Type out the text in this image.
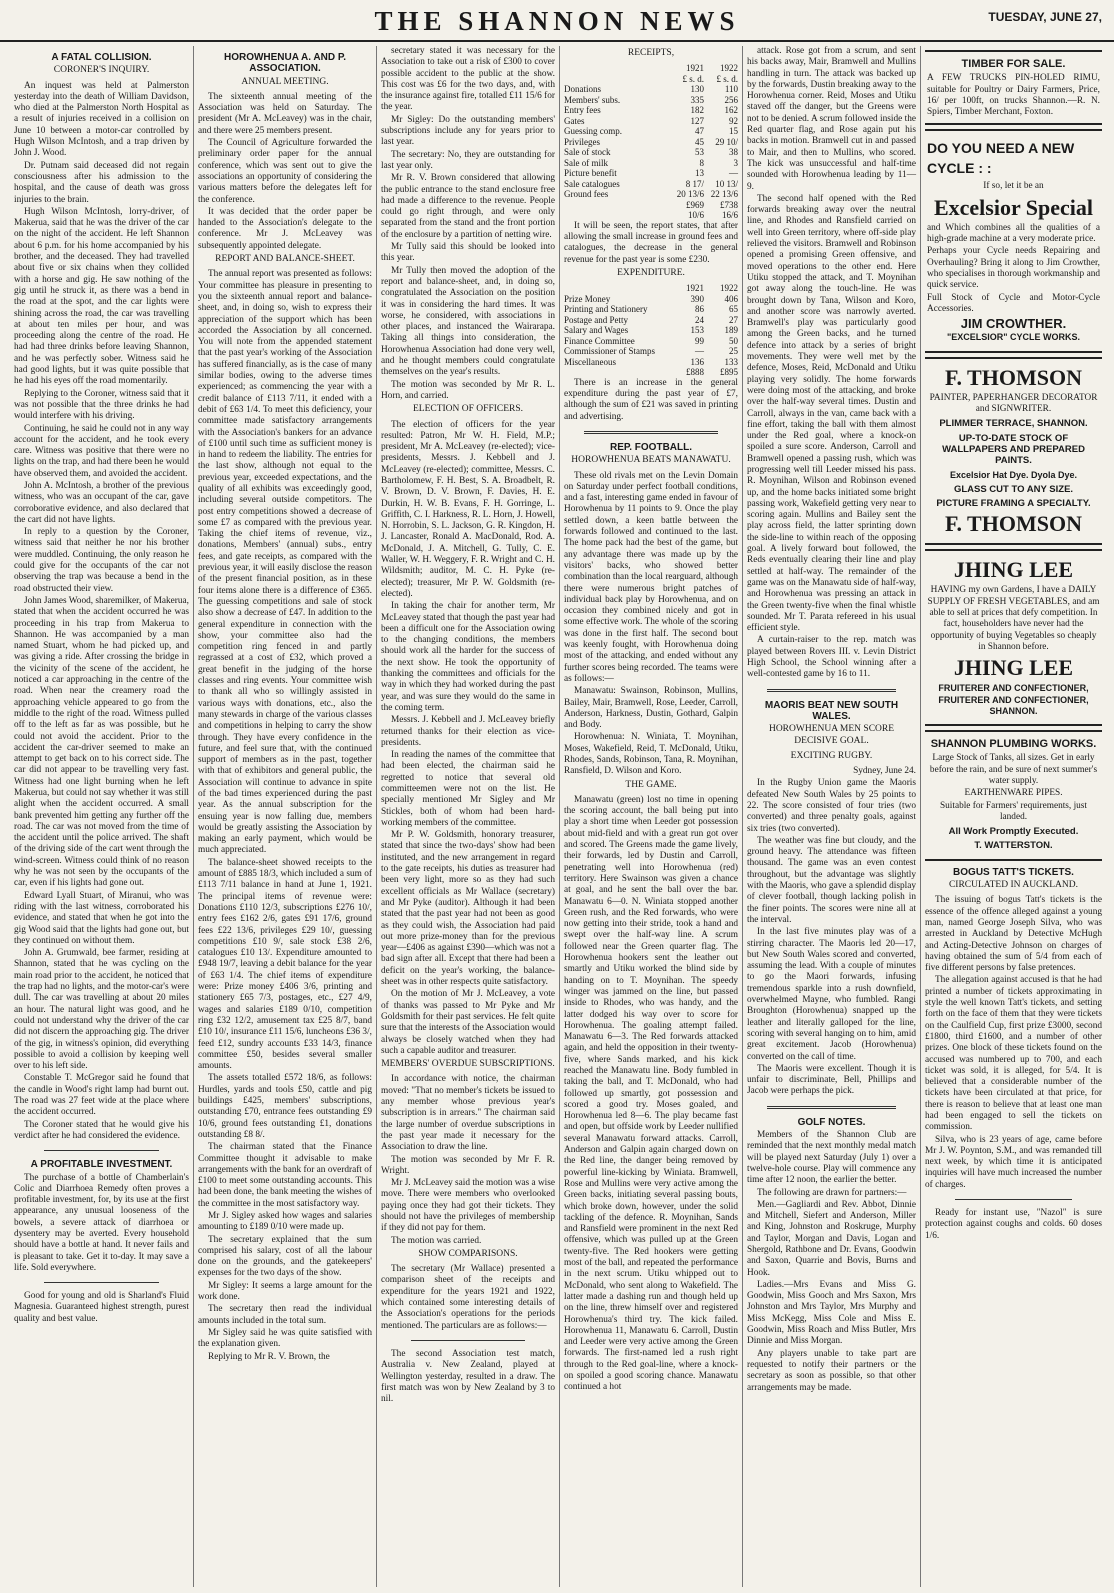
THE SHANNON NEWS	TUESDAY, JUNE 27,
A FATAL COLLISION.
CORONER'S INQUIRY.

An inquest was held at Palmerston yesterday into the death of William Davidson, who died at the Palmerston North Hospital as a result of injuries received in a collision on June 10 between a motor-car controlled by Hugh Wilson McIntosh, and a trap driven by John J. Wood.

Dr. Putnam said deceased did not regain consciousness after his admission to the hospital, and the cause of death was gross injuries to the brain.

Hugh Wilson McIntosh, lorry-driver, of Makerua, said that he was the driver of the car on the night of the accident. He left Shannon about 6 p.m. for his home accompanied by his brother, and the deceased. They had travelled about five or six chains when they collided with a horse and gig. He saw nothing of the gig until he struck it, as there was a bend in the road at the spot, and the car lights were shining across the road, the car was travelling at about ten miles per hour, and was proceeding along the centre of the road. He had had three drinks before leaving Shannon, and he was perfectly sober. Witness said he had good lights, but it was quite possible that he had his eyes off the road momentarily.

Replying to the Coroner, witness said that it was not possible that the three drinks he had would interfere with his driving.

Continuing, he said he could not in any way account for the accident, and he took every care. Witness was positive that there were no lights on the trap, and had there been he would have observed them, and avoided the accident.

John A. McIntosh, a brother of the previous witness, who was an occupant of the car, gave corroborative evidence, and also declared that the cart did not have lights.

In reply to a question by the Coroner, witness said that neither he nor his brother were muddled. Continuing, the only reason he could give for the occupants of the car not observing the trap was because a bend in the road obstructed their view.

John James Wood, sharemilker, of Makerua, stated that when the accident occurred he was proceeding in his trap from Makerua to Shannon. He was accompanied by a man named Stuart, whom he had picked up, and was giving a ride. After crossing the bridge in the vicinity of the scene of the accident, he noticed a car approaching in the centre of the road. When near the creamery road the approaching vehicle appeared to go from the middle to the right of the road. Witness pulled off to the left as far as was possible, but he could not avoid the accident. Prior to the accident the car-driver seemed to make an attempt to get back on to his correct side. The car did not appear to be travelling very fast. Witness had one light burning when he left Makerua, but could not say whether it was still alight when the accident occurred. A small bank prevented him getting any further off the road. The car was not moved from the time of the accident until the police arrived. The shaft of the driving side of the cart went through the wind-screen. Witness could think of no reason why he was not seen by the occupants of the car, even if his lights had gone out.

Edward Lyall Stuart, of Miranui, who was riding with the last witness, corroborated his evidence, and stated that when he got into the gig Wood said that the lights had gone out, but they continued on without them.

John A. Grumwald, bee farmer, residing at Shannon, stated that he was cycling on the main road prior to the accident, he noticed that the trap had no lights, and the motor-car's were dull. The car was travelling at about 20 miles an hour. The natural light was good, and he could not understand why the driver of the car did not discern the approaching gig. The driver of the gig, in witness's opinion, did everything possible to avoid a collision by keeping well over to his left side.

Constable T. McGregor said he found that the candle in Wood's right lamp had burnt out. The road was 27 feet wide at the place where the accident occurred.

The Coroner stated that he would give his verdict after he had considered the evidence.

A PROFITABLE INVESTMENT.

The purchase of a bottle of Chamberlain's Colic and Diarrhoea Remedy often proves a profitable investment, for, by its use at the first appearance, any unusual looseness of the bowels, a severe attack of diarrhoea or dysentery may be averted. Every household should have a bottle at hand. It never fails and is pleasant to take. Get it to-day. It may save a life. Sold everywhere.

Good for young and old is Sharland's Fluid Magnesia. Guaranteed highest strength, purest quality and best value.

HOROWHENUA A. AND P. ASSOCIATION.
ANNUAL MEETING.

The sixteenth annual meeting of the Association was held on Saturday. The president (Mr A. McLeavey) was in the chair, and there were 25 members present.

The Council of Agriculture forwarded the preliminary order paper for the annual conference, which was sent out to give the associations an opportunity of considering the various matters before the delegates left for the conference.

It was decided that the order paper be handed to the Association's delegate to the conference. Mr J. McLeavey was subsequently appointed delegate.

REPORT AND BALANCE-SHEET.

The annual report was presented as follows: Your committee has pleasure in presenting to you the sixteenth annual report and balance-sheet, and, in doing so, wish to express their appreciation of the support which has been accorded the Association by all concerned. You will note from the appended statement that the past year's working of the Association has suffered financially, as is the case of many similar bodies, owing to the adverse times experienced; as commencing the year with a credit balance of £113 7/11, it ended with a debit of £63 1/4. To meet this deficiency, your committee made satisfactory arrangements with the Association's bankers for an advance of £100 until such time as sufficient money is in hand to redeem the liability. The entries for the last show, although not equal to the previous year, exceeded expectations, and the quality of all exhibits was exceedingly good, including several outside competitors. The post entry competitions showed a decrease of some £7 as compared with the previous year. Taking the chief items of revenue, viz., donations, Members' (annual) subs., entry fees, and gate receipts, as compared with the previous year, it will easily disclose the reason of the present financial position, as in these four items alone there is a difference of £365. The guessing competitions and sale of stock also show a decrease of £47. In addition to the general expenditure in connection with the show, your committee also had the competition ring fenced in and partly regrassed at a cost of £32, which proved a great benefit in the judging of the horse classes and ring events. Your committee wish to thank all who so willingly assisted in various ways with donations, etc., also the many stewards in charge of the various classes and competitions in helping to carry the show through. They have every confidence in the future, and feel sure that, with the continued support of members as in the past, together with that of exhibitors and general public, the Association will continue to advance in spite of the bad times experienced during the past year. As the annual subscription for the ensuing year is now falling due, members would be greatly assisting the Association by making an early payment, which would be much appreciated.

The balance-sheet showed receipts to the amount of £885 18/3, which included a sum of £113 7/11 balance in hand at June 1, 1921. The principal items of revenue were: Donations £110 12/3, subscriptions £276 10/, entry fees £162 2/6, gates £91 17/6, ground fees £22 13/6, privileges £29 10/, guessing competitions £10 9/, sale stock £38 2/6, catalogues £10 13/. Expenditure amounted to £948 19/7, leaving a debit balance for the year of £63 1/4. The chief items of expenditure were: Prize money £406 3/6, printing and stationery £65 7/3, postages, etc., £27 4/9, wages and salaries £189 0/10, competition ring £32 12/2, amusement tax £25 8/7, band £10 10/, insurance £11 15/6, luncheons £36 3/, feed £12, sundry accounts £33 14/3, finance committee £50, besides several smaller amounts.

The assets totalled £572 18/6, as follows: Hurdles, yards and tools £50, cattle and pig buildings £425, members' subscriptions, outstanding £70, entrance fees outstanding £9 10/6, ground fees outstanding £1, donations outstanding £8 8/.

The chairman stated that the Finance Committee thought it advisable to make arrangements with the bank for an overdraft of £100 to meet some outstanding accounts. This had been done, the bank meeting the wishes of the committee in the most satisfactory way.

Mr J. Sigley asked how wages and salaries amounting to £189 0/10 were made up.

The secretary explained that the sum comprised his salary, cost of all the labour done on the grounds, and the gatekeepers' expenses for the two days of the show.

Mr Sigley: It seems a large amount for the work done.

The secretary then read the individual amounts included in the total sum.

Mr Sigley said he was quite satisfied with the explanation given.

Replying to Mr R. V. Brown, the

secretary stated it was necessary for the Association to take out a risk of £300 to cover possible accident to the public at the show. This cost was £6 for the two days, and, with the insurance against fire, totalled £11 15/6 for the year.

Mr Sigley: Do the outstanding members' subscriptions include any for years prior to last year.

The secretary: No, they are outstanding for last year only.

Mr R. V. Brown considered that allowing the public entrance to the stand enclosure free had made a difference to the revenue. People could go right through, and were only separated from the stand and the front portion of the enclosure by a partition of netting wire.

Mr Tully said this should be looked into this year.

Mr Tully then moved the adoption of the report and balance-sheet, and, in doing so, congratulated the Association on the position it was in considering the hard times. It was worse, he considered, with associations in other places, and instanced the Wairarapa. Taking all things into consideration, the Horowhenua Association had done very well, and he thought members could congratulate themselves on the year's results.

The motion was seconded by Mr R. L. Horn, and carried.

ELECTION OF OFFICERS.

The election of officers for the year resulted: Patron, Mr W. H. Field, M.P.; president, Mr A. McLeavey (re-elected); vice-presidents, Messrs. J. Kebbell and J. McLeavey (re-elected); committee, Messrs. C. Bartholomew, F. H. Best, S. A. Broadbelt, R. V. Brown, D. V. Brown, F. Davies, H. E. Durkin, H. W. B. Evans, F. H. Gorringe, L. Griffith, C. I. Harkness, R. L. Horn, J. Howell, N. Horrobin, S. L. Jackson, G. R. Kingdon, H. J. Lancaster, Ronald A. MacDonald, Rod. A. McDonald, J. A. Mitchell, G. Tully, C. E. Waller, W. H. Weggery, F. R. Wright and C. H. Wildsmith; auditor, M. C. H. Pyke (re-elected); treasurer, Mr P. W. Goldsmith (re-elected).

In taking the chair for another term, Mr McLeavey stated that though the past year had been a difficult one for the Association owing to the changing conditions, the members should work all the harder for the success of the next show. He took the opportunity of thanking the committees and officials for the way in which they had worked during the past year, and was sure they would do the same in the coming term.

Messrs. J. Kebbell and J. McLeavey briefly returned thanks for their election as vice-presidents.

In reading the names of the committee that had been elected, the chairman said he regretted to notice that several old committeemen were not on the list. He specially mentioned Mr Sigley and Mr Stickles, both of whom had been hard-working members of the committee.

Mr P. W. Goldsmith, honorary treasurer, stated that since the two-days' show had been instituted, and the new arrangement in regard to the gate receipts, his duties as treasurer had been very light, more so as they had such excellent officials as Mr Wallace (secretary) and Mr Pyke (auditor). Although it had been stated that the past year had not been as good as they could wish, the Association had paid out more prize-money than for the previous year—£406 as against £390—which was not a bad sign after all. Except that there had been a deficit on the year's working, the balance-sheet was in other respects quite satisfactory.

On the motion of Mr J. McLeavey, a vote of thanks was passed to Mr Pyke and Mr Goldsmith for their past services. He felt quite sure that the interests of the Association would always be closely watched when they had such a capable auditor and treasurer.

MEMBERS' OVERDUE SUBSCRIPTIONS.

In accordance with notice, the chairman moved: "That no member's tickets be issued to any member whose previous year's subscription is in arrears." The chairman said the large number of overdue subscriptions in the past year made it necessary for the Association to draw the line.

The motion was seconded by Mr F. R. Wright.

Mr J. McLeavey said the motion was a wise move. There were members who overlooked paying once they had got their tickets. They should not have the privileges of membership if they did not pay for them.

The motion was carried.

SHOW COMPARISONS.

The secretary (Mr Wallace) presented a comparison sheet of the receipts and expenditure for the years 1921 and 1922, which contained some interesting details of the Association's operations for the periods mentioned. The particulars are as follows:—

The second Association test match, Australia v. New Zealand, played at Wellington yesterday, resulted in a draw. The first match was won by New Zealand by 3 to nil.

RECEIPTS,
	1921	1922
	£ s. d.	£ s. d.
Donations	130	110
Members' subs.	335	256
Entry fees	182	162
Gates	127	92
Guessing comp.	47	15
Privileges	45	29 10/
Sale of stock	53	38
Sale of milk	8	3
Picture benefit	13	—
Sale catalogues	8 17/	10 13/
Ground fees	20 13/6	22 13/6
	£969 10/6	£738 16/6

It will be seen, the report states, that after allowing the small increase in ground fees and catalogues, the decrease in the general revenue for the past year is some £230.

EXPENDITURE.
	1921	1922
Prize Money	390	406
Printing and Stationery	86	65
Postage and Petty	24	27
Salary and Wages	153	189
Finance Committee	99	50
Commissioner of Stamps	—	25
Miscellaneous	136	133
	£888	£895

There is an increase in the general expenditure during the past year of £7, although the sum of £21 was saved in printing and advertising.

REP. FOOTBALL.
HOROWHENUA BEATS MANAWATU.

These old rivals met on the Levin Domain on Saturday under perfect football conditions, and a fast, interesting game ended in favour of Horowhenua by 11 points to 9. Once the play settled down, a keen battle between the forwards followed and continued to the last. The home pack had the best of the game, but any advantage there was made up by the visitors' backs, who showed better combination than the local rearguard, although there were numerous bright patches of individual back play by Horowhenua, and on occasion they combined nicely and got in some effective work. The whole of the scoring was done in the first half. The second bout was keenly fought, with Horowhenua doing most of the attacking, and ended without any further scores being recorded. The teams were as follows:—

Manawatu: Swainson, Robinson, Mullins, Bailey, Mair, Bramwell, Rose, Leeder, Carroll, Anderson, Harkness, Dustin, Gothard, Galpin and Body.

Horowhenua: N. Winiata, T. Moynihan, Moses, Wakefield, Reid, T. McDonald, Utiku, Rhodes, Sands, Robinson, Tana, R. Moynihan, Ransfield, D. Wilson and Koro.

THE GAME.

Manawatu (green) lost no time in opening the scoring account, the ball being put into play a short time when Leeder got possession about mid-field and with a great run got over and scored. The Greens made the game lively, their forwards, led by Dustin and Carroll, penetrating well into Horowhenua (red) territory. Here Swainson was given a chance at goal, and he sent the ball over the bar. Manawatu 6—0. N. Winiata stopped another Green rush, and the Red forwards, who were now getting into their stride, took a hand and swept over the half-way line. A scrum followed near the Green quarter flag. The Horowhenua hookers sent the leather out smartly and Utiku worked the blind side by handing on to T. Moynihan. The speedy winger was jammed on the line, but passed inside to Rhodes, who was handy, and the latter dodged his way over to score for Horowhenua. The goaling attempt failed. Manawatu 6—3. The Red forwards attacked again, and held the opposition in their twenty-five, where Sands marked, and his kick reached the Manawatu line. Body fumbled in taking the ball, and T. McDonald, who had followed up smartly, got possession and scored a good try. Moses goaled, and Horowhenua led 8—6. The play became fast and open, but offside work by Leeder nullified several Manawatu forward attacks. Carroll, Anderson and Galpin again charged down on the Red line, the danger being removed by powerful line-kicking by Winiata. Bramwell, Rose and Mullins were very active among the Green backs, initiating several passing bouts, which broke down, however, under the solid tackling of the defence. R. Moynihan, Sands and Ransfield were prominent in the next Red offensive, which was pulled up at the Green twenty-five. The Red hookers were getting most of the ball, and repeated the performance in the next scrum. Utiku whipped out to McDonald, who sent along to Wakefield. The latter made a dashing run and though held up on the line, threw himself over and registered Horowhenua's third try. The kick failed. Horowhenua 11, Manawatu 6. Carroll, Dustin and Leeder were very active among the Green forwards. The first-named led a rush right through to the Red goal-line, where a knock-on spoiled a good scoring chance. Manawatu continued a hot

attack. Rose got from a scrum, and sent his backs away, Mair, Bramwell and Mullins handling in turn. The attack was backed up by the forwards, Dustin breaking away to the Horowhenua corner. Reid, Moses and Utiku staved off the danger, but the Greens were not to be denied. A scrum followed inside the Red quarter flag, and Rose again put his backs in motion. Bramwell cut in and passed to Mair, and then to Mullins, who scored. The kick was unsuccessful and half-time sounded with Horowhenua leading by 11—9.

The second half opened with the Red forwards breaking away over the neutral line, and Rhodes and Ransfield carried on well into Green territory, where off-side play relieved the visitors. Bramwell and Robinson opened a promising Green offensive, and moved operations to the other end. Here Utiku stopped the attack, and T. Moynihan got away along the touch-line. He was brought down by Tana, Wilson and Koro, and another score was narrowly averted. Bramwell's play was particularly good among the Green backs, and he turned defence into attack by a series of bright movements. They were well met by the defence, Moses, Reid, McDonald and Utiku playing very solidly. The home forwards were doing most of the attacking, and broke over the half-way several times. Dustin and Carroll, always in the van, came back with a fine effort, taking the ball with them almost under the Red goal, where a knock-on spoiled a sure score. Anderson, Carroll and Bramwell opened a passing rush, which was progressing well till Leeder missed his pass. R. Moynihan, Wilson and Robinson evened up, and the home backs initiated some bright passing work, Wakefield getting very near to scoring again. Mullins and Bailey sent the play across field, the latter sprinting down the side-line to within reach of the opposing goal. A lively forward bout followed, the Reds eventually clearing their line and play settled at half-way. The remainder of the game was on the Manawatu side of half-way, and Horowhenua was pressing an attack in the Green twenty-five when the final whistle sounded. Mr T. Parata refereed in his usual efficient style.

A curtain-raiser to the rep. match was played between Rovers III. v. Levin District High School, the School winning after a well-contested game by 16 to 11.

MAORIS BEAT NEW SOUTH WALES.
HOROWHENUA MEN SCORE DECISIVE GOAL.
EXCITING RUGBY.

Sydney, June 24.

In the Rugby Union game the Maoris defeated New South Wales by 25 points to 22. The score consisted of four tries (two converted) and three penalty goals, against six tries (two converted).

The weather was fine but cloudy, and the ground heavy. The attendance was fifteen thousand. The game was an even contest throughout, but the advantage was slightly with the Maoris, who gave a splendid display of clever football, though lacking polish in the finer points. The scores were nine all at the interval.

In the last five minutes play was of a stirring character. The Maoris led 20—17, but New South Wales scored and converted, assuming the lead. With a couple of minutes to go the Maori forwards, infusing tremendous sparkle into a rush downfield, overwhelmed Mayne, who fumbled. Rangi Broughton (Horowhenua) snapped up the leather and literally galloped for the line, scoring with several hanging on to him, amid great excitement. Jacob (Horowhenua) converted on the call of time.

The Maoris were excellent. Though it is unfair to discriminate, Bell, Phillips and Jacob were perhaps the pick.

GOLF NOTES.

Members of the Shannon Club are reminded that the next monthly medal match will be played next Saturday (July 1) over a twelve-hole course. Play will commence any time after 12 noon, the earlier the better.

The following are drawn for partners:—

Men.—Gagliardi and Rev. Abbot, Dinnie and Mitchell, Siefert and Anderson, Miller and King, Johnston and Roskruge, Murphy and Taylor, Morgan and Davis, Logan and Shergold, Rathbone and Dr. Evans, Goodwin and Saxon, Quarrie and Bovis, Burns and Hook.

Ladies.—Mrs Evans and Miss G. Goodwin, Miss Gooch and Mrs Saxon, Mrs Johnston and Mrs Taylor, Mrs Murphy and Miss McKegg, Miss Cole and Miss E. Goodwin, Miss Roach and Miss Butler, Mrs Dinnie and Miss Morgan.

Any players unable to take part are requested to notify their partners or the secretary as soon as possible, so that other arrangements may be made.

TIMBER FOR SALE.

A FEW TRUCKS PIN-HOLED RIMU, suitable for Poultry or Dairy Farmers, Price, 16/ per 100ft, on trucks Shannon.—R. N. Spiers, Timber Merchant, Foxton.

DO YOU NEED A NEW CYCLE : :

If so, let it be an

Excelsior Special

and Which combines all the qualities of a high-grade machine at a very moderate price.

Perhaps your Cycle needs Repairing and Overhauling? Bring it along to Jim Crowther, who specialises in thorough workmanship and quick service.

Full Stock of Cycle and Motor-Cycle Accessories.

JIM CROWTHER.
"EXCELSIOR" CYCLE WORKS.
F. THOMSON

PAINTER, PAPERHANGER DECORATOR and SIGNWRITER.

PLIMMER TERRACE, SHANNON.
UP-TO-DATE STOCK OF WALLPAPERS AND PREPARED PAINTS.
Excelsior Hat Dye. Dyola Dye.
GLASS CUT TO ANY SIZE.
PICTURE FRAMING A SPECIALTY.
F. THOMSON
JHING LEE

HAVING my own Gardens, I have a DAILY SUPPLY OF FRESH VEGETABLES, and am able to sell at prices that defy competition. In fact, householders have never had the opportunity of buying Vegetables so cheaply in Shannon before.

JHING LEE
FRUITERER AND CONFECTIONER, FRUITERER AND CONFECTIONER, SHANNON.
SHANNON PLUMBING WORKS.

Large Stock of Tanks, all sizes. Get in early before the rain, and be sure of next summer's water supply.

EARTHENWARE PIPES.

Suitable for Farmers' requirements, just landed.

All Work Promptly Executed.
T. WATTERSTON.
BOGUS TATT'S TICKETS.
CIRCULATED IN AUCKLAND.

The issuing of bogus Tatt's tickets is the essence of the offence alleged against a young man, named George Joseph Silva, who was arrested in Auckland by Detective McHugh and Acting-Detective Johnson on charges of having obtained the sum of 5/4 from each of five different persons by false pretences.

The allegation against accused is that he had printed a number of tickets approximating in style the well known Tatt's tickets, and setting forth on the face of them that they were tickets on the Caulfield Cup, first prize £3000, second £1800, third £1600, and a number of other prizes. One block of these tickets found on the accused was numbered up to 700, and each ticket was sold, it is alleged, for 5/4. It is believed that a considerable number of the tickets have been circulated at that price, for there is reason to believe that at least one man had been engaged to sell the tickets on commission.

Silva, who is 23 years of age, came before Mr J. W. Poynton, S.M., and was remanded till next week, by which time it is anticipated inquiries will have much increased the number of charges.

Ready for instant use, "Nazol" is sure protection against coughs and colds. 60 doses 1/6.
